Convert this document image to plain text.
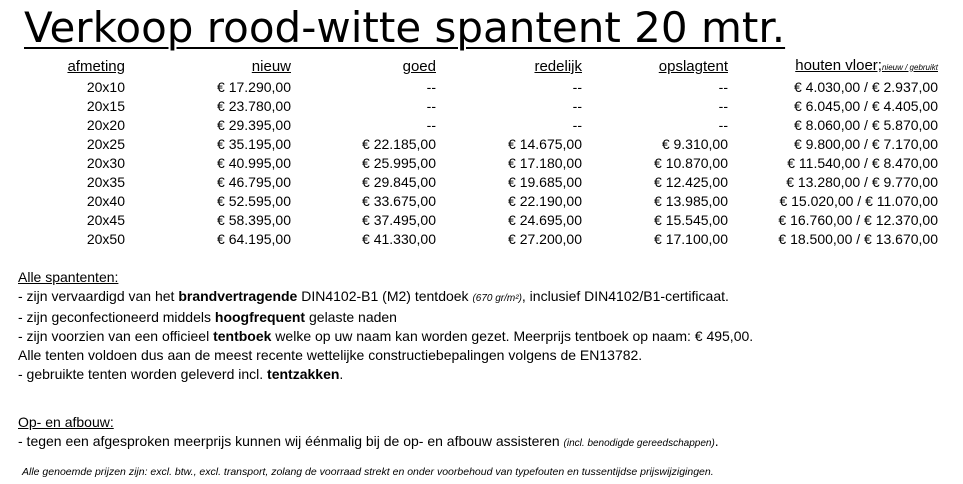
Verkoop rood-witte spantent 20 mtr.
afmeting	nieuw	goed	redelijk	opslagtent	houten vloer;nieuw / gebruikt
20x10	€ 17.290,00	--	--	--	€ 4.030,00 / € 2.937,00
20x15	€ 23.780,00	--	--	--	€ 6.045,00 / € 4.405,00
20x20	€ 29.395,00	--	--	--	€ 8.060,00 / € 5.870,00
20x25	€ 35.195,00	€ 22.185,00	€ 14.675,00	€ 9.310,00	€ 9.800,00 / € 7.170,00
20x30	€ 40.995,00	€ 25.995,00	€ 17.180,00	€ 10.870,00	€ 11.540,00 / € 8.470,00
20x35	€ 46.795,00	€ 29.845,00	€ 19.685,00	€ 12.425,00	€ 13.280,00 / € 9.770,00
20x40	€ 52.595,00	€ 33.675,00	€ 22.190,00	€ 13.985,00	€ 15.020,00 / € 11.070,00
20x45	€ 58.395,00	€ 37.495,00	€ 24.695,00	€ 15.545,00	€ 16.760,00 / € 12.370,00
20x50	€ 64.195,00	€ 41.330,00	€ 27.200,00	€ 17.100,00	€ 18.500,00 / € 13.670,00
Alle spantenten:
- zijn vervaardigd van het brandvertragende DIN4102-B1 (M2) tentdoek (670 gr/m²), inclusief DIN4102/B1-certificaat.
- zijn geconfectioneerd middels hoogfrequent gelaste naden
- zijn voorzien van een officieel tentboek welke op uw naam kan worden gezet. Meerprijs tentboek op naam: € 495,00.
Alle tenten voldoen dus aan de meest recente wettelijke constructiebepalingen volgens de EN13782.
- gebruikte tenten worden geleverd incl. tentzakken.
Op- en afbouw:
- tegen een afgesproken meerprijs kunnen wij éénmalig bij de op- en afbouw assisteren (incl. benodigde gereedschappen).
Alle genoemde prijzen zijn: excl. btw., excl. transport, zolang de voorraad strekt en onder voorbehoud van typefouten en tussentijdse prijswijzigingen.
